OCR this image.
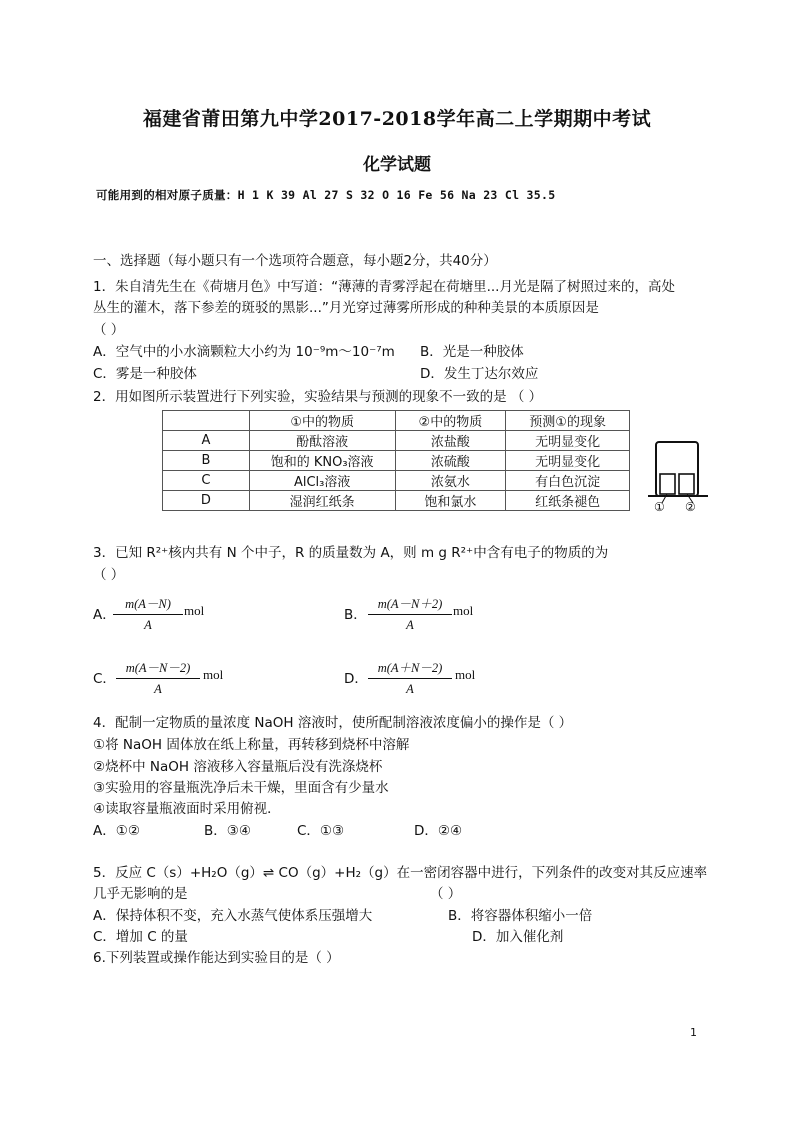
福建省莆田第九中学2017-2018学年高二上学期期中考试
化学试题
可能用到的相对原子质量：H 1 K 39 Al 27 S 32 O 16 Fe 56 Na 23 Cl 35.5
一、选择题（每小题只有一个选项符合题意，每小题2分，共40分）
1．朱自清先生在《荷塘月色》中写道：“薄薄的青雾浮起在荷塘里...月光是隔了树照过来的，高处
丛生的灌木，落下参差的斑驳的黑影...”月光穿过薄雾所形成的种种美景的本质原因是
（ ）
A．空气中的小水滴颗粒大小约为 10⁻⁹m～10⁻⁷m B．光是一种胶体
C．雾是一种胶体	D．发生丁达尔效应
2．用如图所示装置进行下列实验，实验结果与预测的现象不一致的是 （ ）
	①中的物质	②中的物质	预测①的现象
A	酚酞溶液	浓盐酸	无明显变化
B	饱和的 KNO₃溶液	浓硫酸	无明显变化
C	AlCl₃溶液	浓氨水	有白色沉淀
D	湿润红纸条	饱和氯水	红纸条褪色	① ②
3．已知 R²⁺核内共有 N 个中子，R 的质量数为 A，则 m g R²⁺中含有电子的物质的为
（ ）
A．
$\frac{m(A-N)}{A}$ mol	B． $\frac{m(A-N+2)}{A}$ mol
C． $\frac{m(A-N-2)}{A}$ mol	D． $\frac{m(A+N-2)}{A}$ mol
4．配制一定物质的量浓度 NaOH 溶液时，使所配制溶液浓度偏小的操作是（ ）
①将 NaOH 固体放在纸上称量，再转移到烧杯中溶解
②烧杯中 NaOH 溶液移入容量瓶后没有洗涤烧杯
③实验用的容量瓶洗净后未干燥，里面含有少量水
④读取容量瓶液面时采用俯视．
A．①②	B．③④	C．①③	D．②④
5．反应 C（s）+H₂O（g）⇌ CO（g）+H₂（g）在一密闭容器中进行，下列条件的改变对其反应速率
几乎无影响的是	（ ）
A．保持体积不变，充入水蒸气使体系压强增大	B．将容器体积缩小一倍
C．增加 C 的量	D．加入催化剂
6.下列装置或操作能达到实验目的是（ ）
1
